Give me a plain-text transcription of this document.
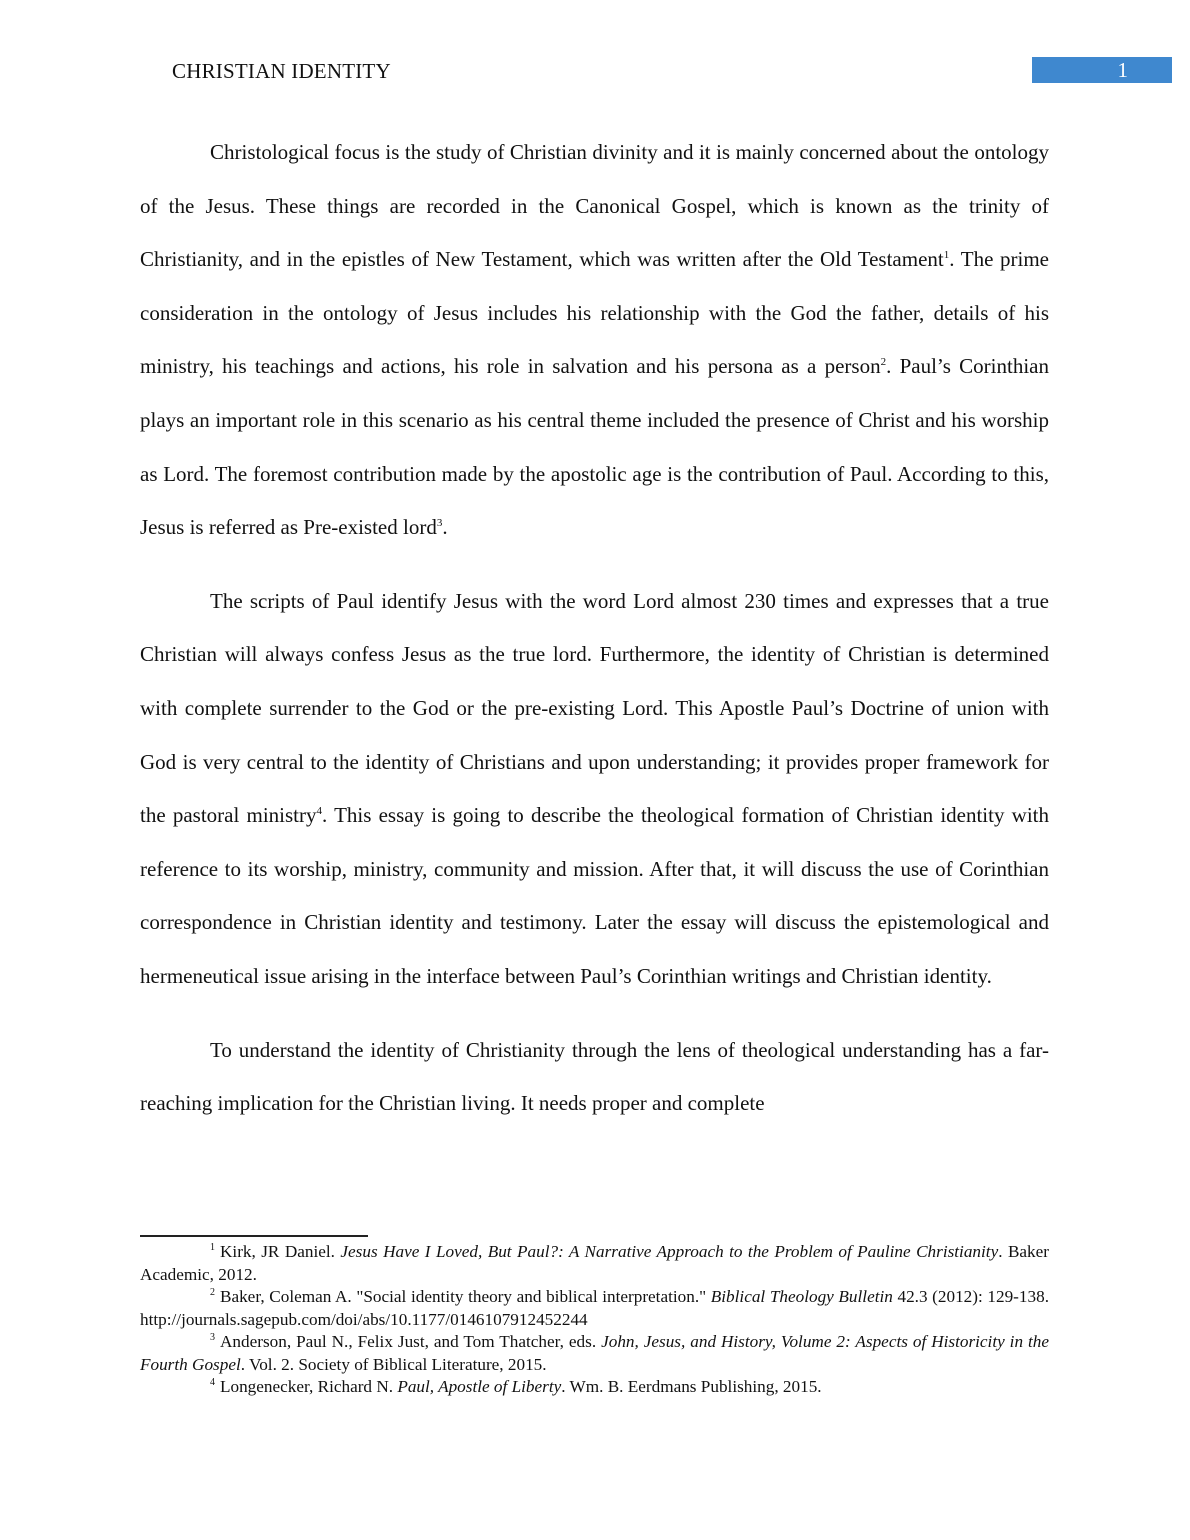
CHRISTIAN IDENTITY	1

Christological focus is the study of Christian divinity and it is mainly concerned about the ontology of the Jesus. These things are recorded in the Canonical Gospel, which is known as the trinity of Christianity, and in the epistles of New Testament, which was written after the Old Testament$^1$. The prime consideration in the ontology of Jesus includes his relationship with the God the father, details of his ministry, his teachings and actions, his role in salvation and his persona as a person$^2$. Paul’s Corinthian plays an important role in this scenario as his central theme included the presence of Christ and his worship as Lord. The foremost contribution made by the apostolic age is the contribution of Paul. According to this, Jesus is referred as Pre-existed lord$^3$.

The scripts of Paul identify Jesus with the word Lord almost 230 times and expresses that a true Christian will always confess Jesus as the true lord. Furthermore, the identity of Christian is determined with complete surrender to the God or the pre-existing Lord. This Apostle Paul’s Doctrine of union with God is very central to the identity of Christians and upon understanding; it provides proper framework for the pastoral ministry$^4$. This essay is going to describe the theological formation of Christian identity with reference to its worship, ministry, community and mission. After that, it will discuss the use of Corinthian correspondence in Christian identity and testimony. Later the essay will discuss the epistemological and hermeneutical issue arising in the interface between Paul’s Corinthian writings and Christian identity.

To understand the identity of Christianity through the lens of theological understanding has a far-reaching implication for the Christian living. It needs proper and complete

$^1$ Kirk, JR Daniel. Jesus Have I Loved, But Paul?: A Narrative Approach to the Problem of Pauline Christianity. Baker Academic, 2012.

$^2$ Baker, Coleman A. "Social identity theory and biblical interpretation." Biblical Theology Bulletin 42.3 (2012): 129-138. http://journals.sagepub.com/doi/abs/10.1177/0146107912452244

$^3$ Anderson, Paul N., Felix Just, and Tom Thatcher, eds. John, Jesus, and History, Volume 2: Aspects of Historicity in the Fourth Gospel. Vol. 2. Society of Biblical Literature, 2015.

$^4$ Longenecker, Richard N. Paul, Apostle of Liberty. Wm. B. Eerdmans Publishing, 2015.
